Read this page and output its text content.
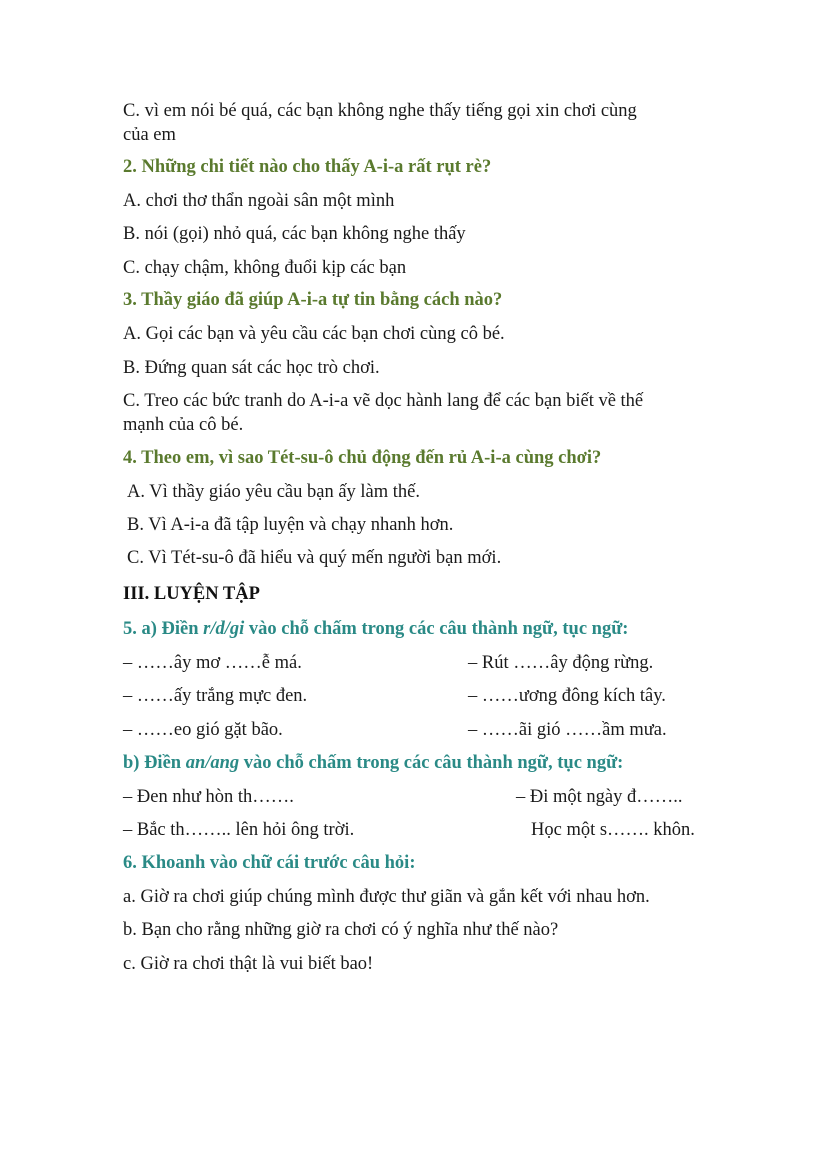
C. vì em nói bé quá, các bạn không nghe thấy tiếng gọi xin chơi cùng
của em
2. Những chi tiết nào cho thấy A-i-a rất rụt rè?
A. chơi thơ thẩn ngoài sân một mình
B. nói (gọi) nhỏ quá, các bạn không nghe thấy
C. chạy chậm, không đuổi kịp các bạn
3. Thầy giáo đã giúp A-i-a tự tin bằng cách nào?
A. Gọi các bạn và yêu cầu các bạn chơi cùng cô bé.
B. Đứng quan sát các học trò chơi.
C. Treo các bức tranh do A-i-a vẽ dọc hành lang để các bạn biết về thế
mạnh của cô bé.
4. Theo em, vì sao Tét-su-ô chủ động đến rủ A-i-a cùng chơi?
A. Vì thầy giáo yêu cầu bạn ấy làm thế.
B. Vì A-i-a đã tập luyện và chạy nhanh hơn.
C. Vì Tét-su-ô đã hiểu và quý mến người bạn mới.
III. LUYỆN TẬP
5. a) Điền r/d/gi vào chỗ chấm trong các câu thành ngữ, tục ngữ:
– ……ây mơ ……ễ má.	– Rút ……ây động rừng.
– ……ấy trắng mực đen.	– ……ương đông kích tây.
– ……eo gió gặt bão.	– ……ãi gió ……ầm mưa.
b) Điền an/ang vào chỗ chấm trong các câu thành ngữ, tục ngữ:
– Đen như hòn th…….	– Đi một ngày đ……..
– Bắc th…….. lên hỏi ông trời.	Học một s……. khôn.
6. Khoanh vào chữ cái trước câu hỏi:
a. Giờ ra chơi giúp chúng mình được thư giãn và gắn kết với nhau hơn.
b. Bạn cho rằng những giờ ra chơi có ý nghĩa như thế nào?
c. Giờ ra chơi thật là vui biết bao!
